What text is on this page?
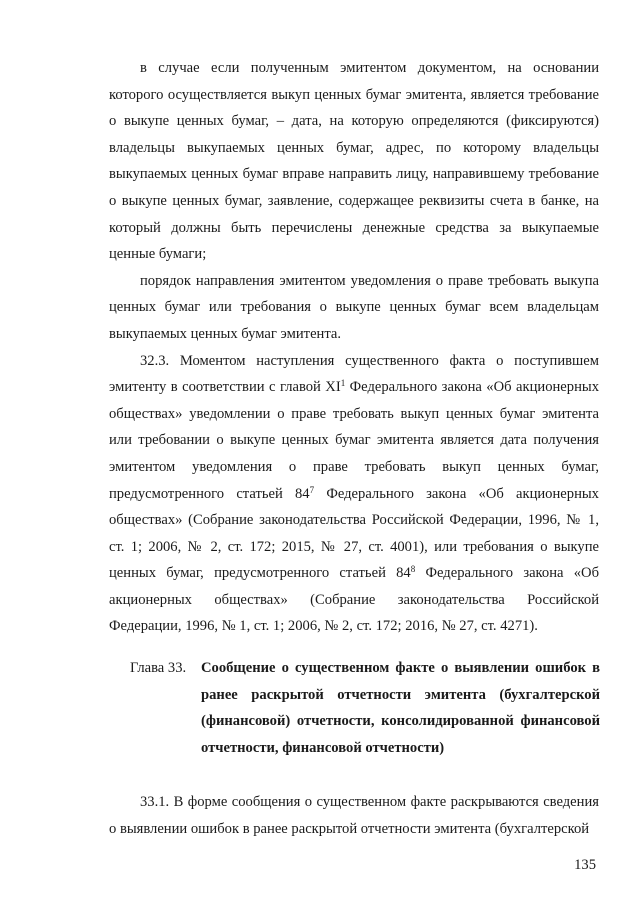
в случае если полученным эмитентом документом, на основании которого осуществляется выкуп ценных бумаг эмитента, является требование о выкупе ценных бумаг, – дата, на которую определяются (фиксируются) владельцы выкупаемых ценных бумаг, адрес, по которому владельцы выкупаемых ценных бумаг вправе направить лицу, направившему требование о выкупе ценных бумаг, заявление, содержащее реквизиты счета в банке, на который должны быть перечислены денежные средства за выкупаемые ценные бумаги;

порядок направления эмитентом уведомления о праве требовать выкупа ценных бумаг или требования о выкупе ценных бумаг всем владельцам выкупаемых ценных бумаг эмитента.

32.3. Моментом наступления существенного факта о поступившем эмитенту в соответствии с главой $XI^1$ Федерального закона «Об акционерных обществах» уведомлении о праве требовать выкуп ценных бумаг эмитента или требовании о выкупе ценных бумаг эмитента является дата получения эмитентом уведомления о праве требовать выкуп ценных бумаг, предусмотренного статьей $84^7$ Федерального закона «Об акционерных обществах» (Собрание законодательства Российской Федерации, 1996, № 1, ст. 1; 2006, № 2, ст. 172; 2015, № 27, ст. 4001), или требования о выкупе ценных бумаг, предусмотренного статьей $84^8$ Федерального закона «Об акционерных обществах» (Собрание законодательства Российской Федерации, 1996, № 1, ст. 1; 2006, № 2, ст. 172; 2016, № 27, ст. 4271).

Глава 33.	Сообщение о существенном факте о выявлении ошибок в ранее раскрытой отчетности эмитента (бухгалтерской (финансовой) отчетности, консолидированной финансовой отчетности, финансовой отчетности)

33.1. В форме сообщения о существенном факте раскрываются сведения о выявлении ошибок в ранее раскрытой отчетности эмитента (бухгалтерской

135
